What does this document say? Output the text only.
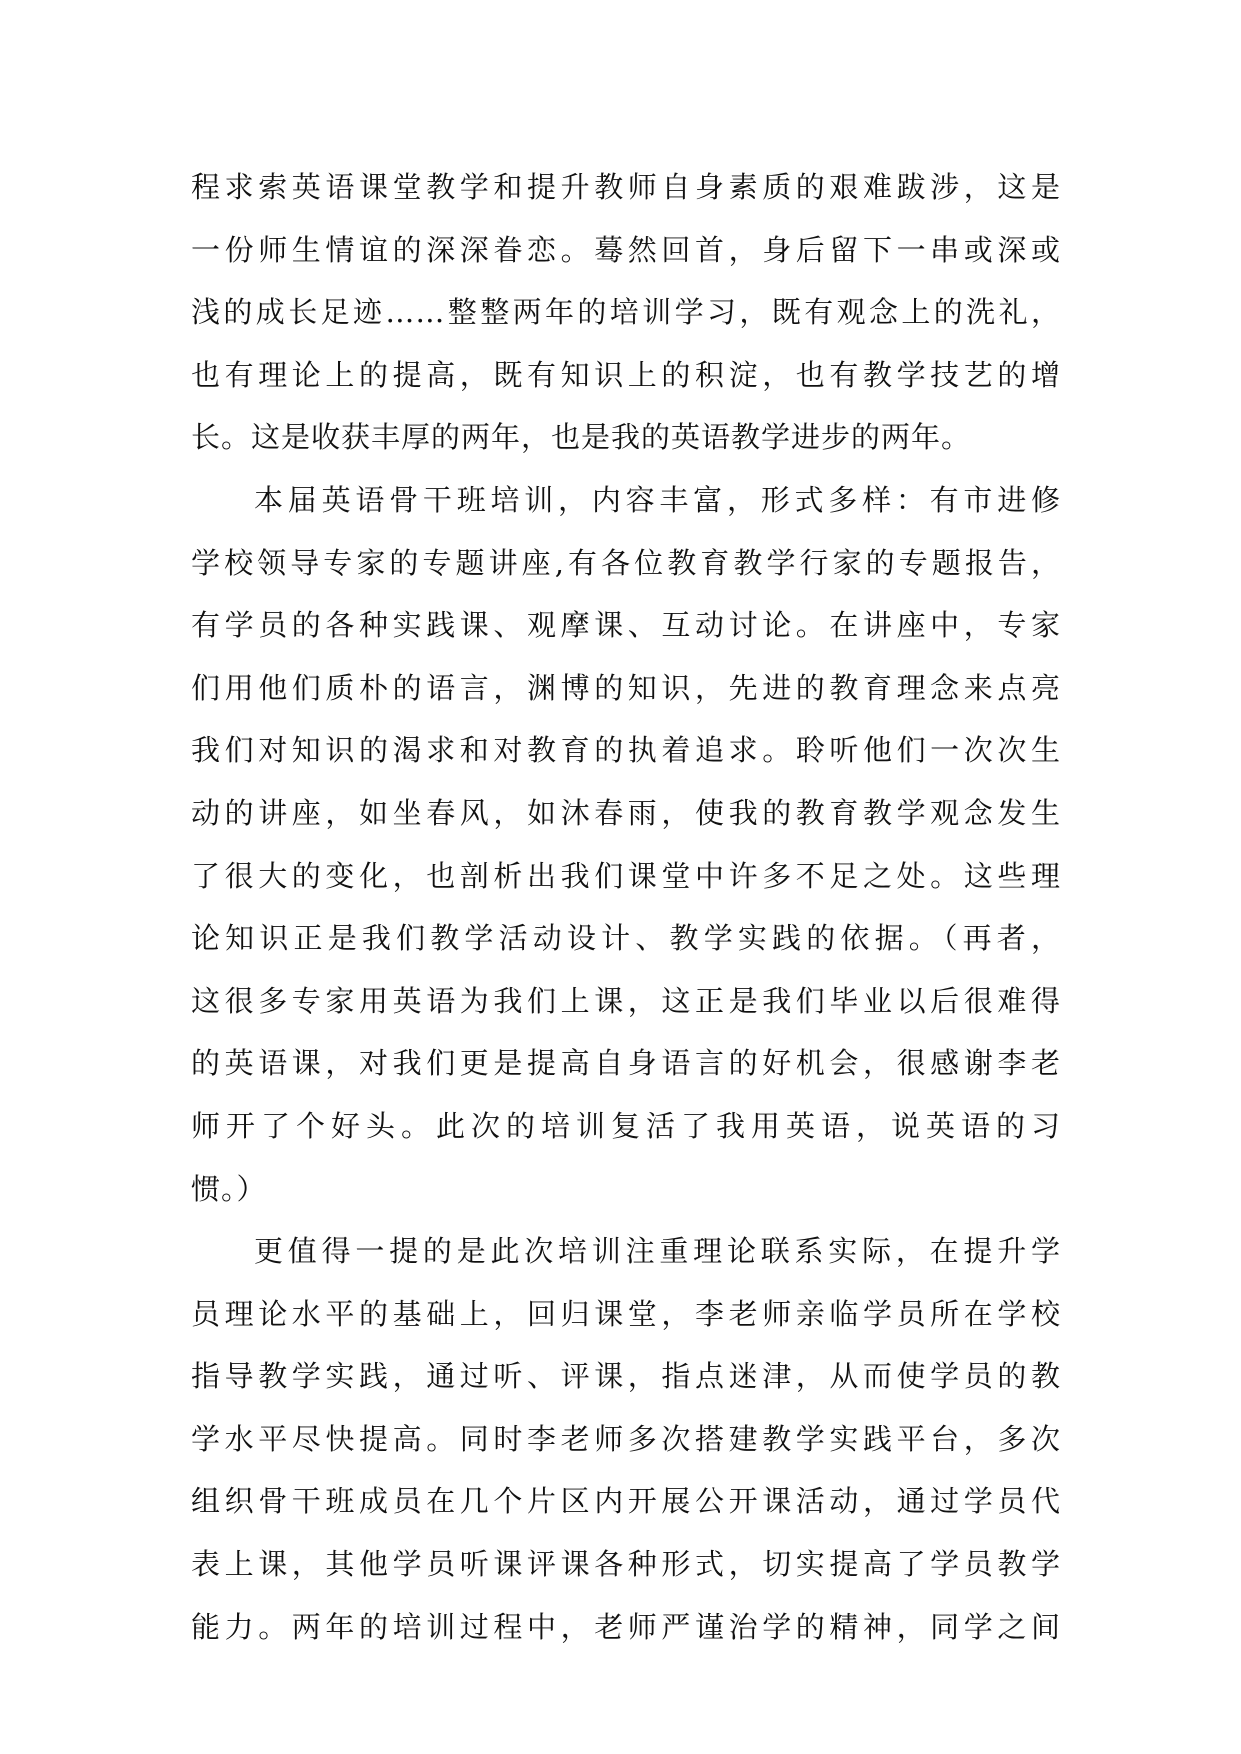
程求索英语课堂教学和提升教师自身素质的艰难跋涉，这是
一份师生情谊的深深眷恋。蓦然回首，身后留下一串或深或
浅的成长足迹……整整两年的培训学习，既有观念上的洗礼，
也有理论上的提高，既有知识上的积淀，也有教学技艺的增
长。这是收获丰厚的两年，也是我的英语教学进步的两年。
本届英语骨干班培训，内容丰富，形式多样：有市进修
学校领导专家的专题讲座,有各位教育教学行家的专题报告，
有学员的各种实践课、观摩课、互动讨论。在讲座中，专家
们用他们质朴的语言，渊博的知识，先进的教育理念来点亮
我们对知识的渴求和对教育的执着追求。聆听他们一次次生
动的讲座，如坐春风，如沐春雨，使我的教育教学观念发生
了很大的变化，也剖析出我们课堂中许多不足之处。这些理
论知识正是我们教学活动设计、教学实践的依据。（再者，
这很多专家用英语为我们上课，这正是我们毕业以后很难得
的英语课，对我们更是提高自身语言的好机会，很感谢李老
师开了个好头。此次的培训复活了我用英语，说英语的习
惯。）
更值得一提的是此次培训注重理论联系实际，在提升学
员理论水平的基础上，回归课堂，李老师亲临学员所在学校
指导教学实践，通过听、评课，指点迷津，从而使学员的教
学水平尽快提高。同时李老师多次搭建教学实践平台，多次
组织骨干班成员在几个片区内开展公开课活动，通过学员代
表上课，其他学员听课评课各种形式，切实提高了学员教学
能力。两年的培训过程中，老师严谨治学的精神，同学之间
